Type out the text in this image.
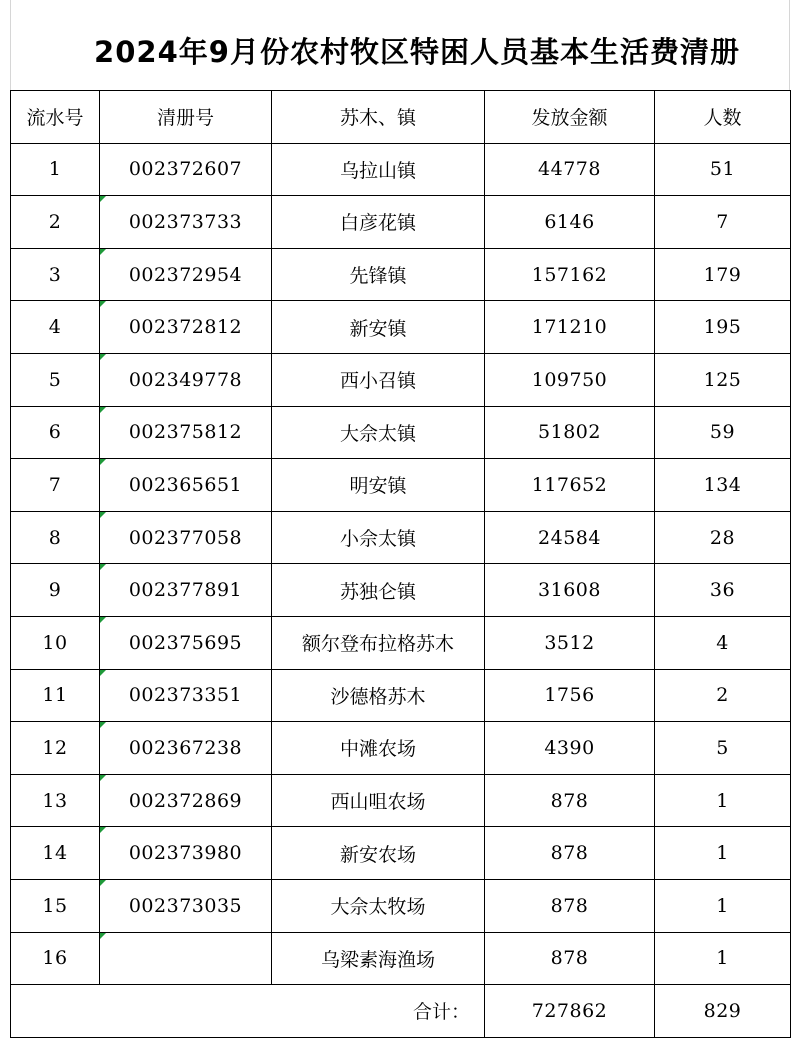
2024年9月份农村牧区特困人员基本生活费清册
流水号	清册号	苏木、镇	发放金额	人数
1	002372607	乌拉山镇	44778	51
2	002373733	白彦花镇	6146	7
3	002372954	先锋镇	157162	179
4	002372812	新安镇	171210	195
5	002349778	西小召镇	109750	125
6	002375812	大佘太镇	51802	59
7	002365651	明安镇	117652	134
8	002377058	小佘太镇	24584	28
9	002377891	苏独仑镇	31608	36
10	002375695	额尔登布拉格苏木	3512	4
11	002373351	沙德格苏木	1756	2
12	002367238	中滩农场	4390	5
13	002372869	西山咀农场	878	1
14	002373980	新安农场	878	1
15	002373035	大佘太牧场	878	1
16		乌梁素海渔场	878	1
合计：			727862	829
